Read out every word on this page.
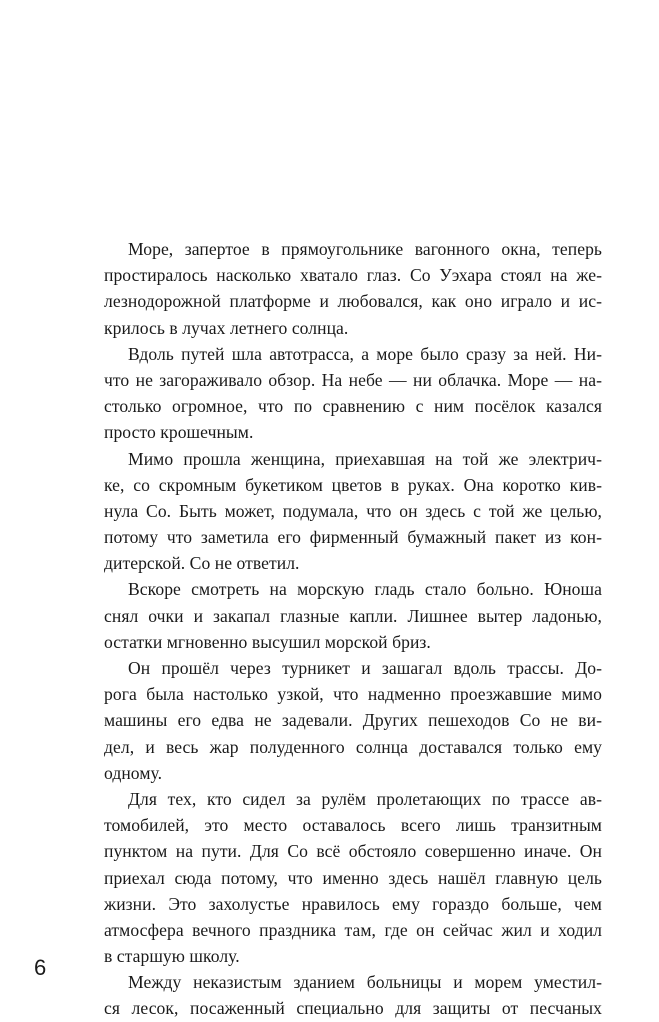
Море, запертое в прямоугольнике вагонного окна, теперь
простиралось насколько хватало глаз. Со Уэхара стоял на же-
лезнодорожной платформе и любовался, как оно играло и ис-
крилось в лучах летнего солнца.
Вдоль путей шла автотрасса, а море было сразу за ней. Ни-
что не загораживало обзор. На небе — ни облачка. Море — на-
столько огромное, что по сравнению с ним посёлок казался
просто крошечным.
Мимо прошла женщина, приехавшая на той же электрич-
ке, со скромным букетиком цветов в руках. Она коротко кив-
нула Со. Быть может, подумала, что он здесь с той же целью,
потому что заметила его фирменный бумажный пакет из кон-
дитерской. Со не ответил.
Вскоре смотреть на морскую гладь стало больно. Юноша
снял очки и закапал глазные капли. Лишнее вытер ладонью,
остатки мгновенно высушил морской бриз.
Он прошёл через турникет и зашагал вдоль трассы. До-
рога была настолько узкой, что надменно проезжавшие мимо
машины его едва не задевали. Других пешеходов Со не ви-
дел, и весь жар полуденного солнца доставался только ему
одному.
Для тех, кто сидел за рулём пролетающих по трассе ав-
томобилей, это место оставалось всего лишь транзитным
пунктом на пути. Для Со всё обстояло совершенно иначе. Он
приехал сюда потому, что именно здесь нашёл главную цель
жизни. Это захолустье нравилось ему гораздо больше, чем
атмосфера вечного праздника там, где он сейчас жил и ходил
в старшую школу.
Между неказистым зданием больницы и морем уместил-
ся лесок, посаженный специально для защиты от песчаных
6
